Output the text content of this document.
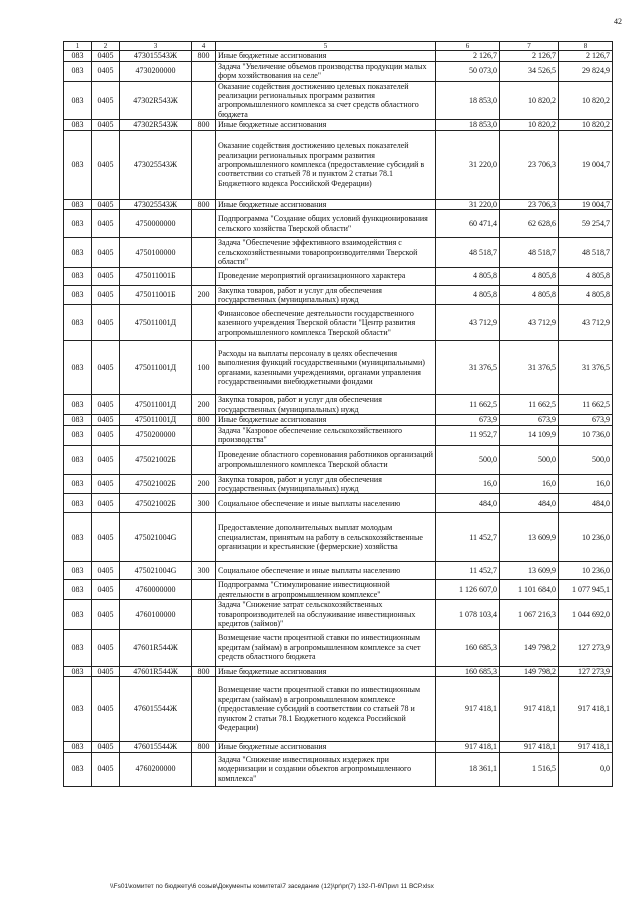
42
1	2	3	4	5	6	7	8
083	0405	473015543Ж	800	Иные бюджетные ассигнования	2 126,7	2 126,7	2 126,7
083	0405	4730200000		Задача "Увеличение объемов производства продукции малых форм хозяйствования на селе"	50 073,0	34 526,5	29 824,9
083	0405	47302R543Ж		Оказание содействия достижению целевых показателей реализации региональных программ развития агропромышленного комплекса за счет средств областного бюджета	18 853,0	10 820,2	10 820,2
083	0405	47302R543Ж	800	Иные бюджетные ассигнования	18 853,0	10 820,2	10 820,2
083	0405	473025543Ж		Оказание содействия достижению целевых показателей реализации региональных программ развития агропромышленного комплекса (предоставление субсидий в соответствии со статьей 78 и пунктом 2 статьи 78.1 Бюджетного кодекса Российской Федерации)	31 220,0	23 706,3	19 004,7
083	0405	473025543Ж	800	Иные бюджетные ассигнования	31 220,0	23 706,3	19 004,7
083	0405	4750000000		Подпрограмма "Создание общих условий функционирования сельского хозяйства Тверской области"	60 471,4	62 628,6	59 254,7
083	0405	4750100000		Задача "Обеспечение эффективного взаимодействия с сельскохозяйственными товаропроизводителями Тверской области"	48 518,7	48 518,7	48 518,7
083	0405	475011001Б		Проведение мероприятий организационного характера	4 805,8	4 805,8	4 805,8
083	0405	475011001Б	200	Закупка товаров, работ и услуг для обеспечения государственных (муниципальных) нужд	4 805,8	4 805,8	4 805,8
083	0405	475011001Д		Финансовое обеспечение деятельности государственного казенного учреждения Тверской области "Центр развития агропромышленного комплекса Тверской области"	43 712,9	43 712,9	43 712,9
083	0405	475011001Д	100	Расходы на выплаты персоналу в целях обеспечения выполнения функций государственными (муниципальными) органами, казенными учреждениями, органами управления государственными внебюджетными фондами	31 376,5	31 376,5	31 376,5
083	0405	475011001Д	200	Закупка товаров, работ и услуг для обеспечения государственных (муниципальных) нужд	11 662,5	11 662,5	11 662,5
083	0405	475011001Д	800	Иные бюджетные ассигнования	673,9	673,9	673,9
083	0405	4750200000		Задача "Казровое обеспечение сельскохозяйственного производства"	11 952,7	14 109,9	10 736,0
083	0405	475021002Б		Проведение областного соревнования работников организаций агропромышленного комплекса Тверской области	500,0	500,0	500,0
083	0405	475021002Б	200	Закупка товаров, работ и услуг для обеспечения государственных (муниципальных) нужд	16,0	16,0	16,0
083	0405	475021002Б	300	Социальное обеспечение и иные выплаты населению	484,0	484,0	484,0
083	0405	475021004G		Предоставление дополнительных выплат молодым специалистам, принятым на работу в сельскохозяйственные организации и крестьянские (фермерские) хозяйства	11 452,7	13 609,9	10 236,0
083	0405	475021004G	300	Социальное обеспечение и иные выплаты населению	11 452,7	13 609,9	10 236,0
083	0405	4760000000		Подпрограмма "Стимулирование инвестиционной деятельности в агропромышленном комплексе"	1 126 607,0	1 101 684,0	1 077 945,1
083	0405	4760100000		Задача "Снижение затрат сельскохозяйственных товаропроизводителей на обслуживание инвестиционных кредитов (займов)"	1 078 103,4	1 067 216,3	1 044 692,0
083	0405	47601R544Ж		Возмещение части процентной ставки по инвестиционным кредитам (займам) в агропромышленном комплексе за счет средств областного бюджета	160 685,3	149 798,2	127 273,9
083	0405	47601R544Ж	800	Иные бюджетные ассигнования	160 685,3	149 798,2	127 273,9
083	0405	476015544Ж		Возмещение части процентной ставки по инвестиционным кредитам (займам) в агропромышленном комплексе (предоставление субсидий в соответствии со статьей 78 и пунктом 2 статьи 78.1 Бюджетного кодекса Российской Федерации)	917 418,1	917 418,1	917 418,1
083	0405	476015544Ж	800	Иные бюджетные ассигнования	917 418,1	917 418,1	917 418,1
083	0405	4760200000		Задача "Снижение инвестиционных издержек при модернизации и создании объектов агропромышленного комплекса"	18 361,1	1 516,5	0,0
\\Fs01\комитет по бюджету\6 созыв\Документы комитета\7 заседание (12)\pr\pr(7) 132-П-6\Прил 11 ВСР.xlsx
